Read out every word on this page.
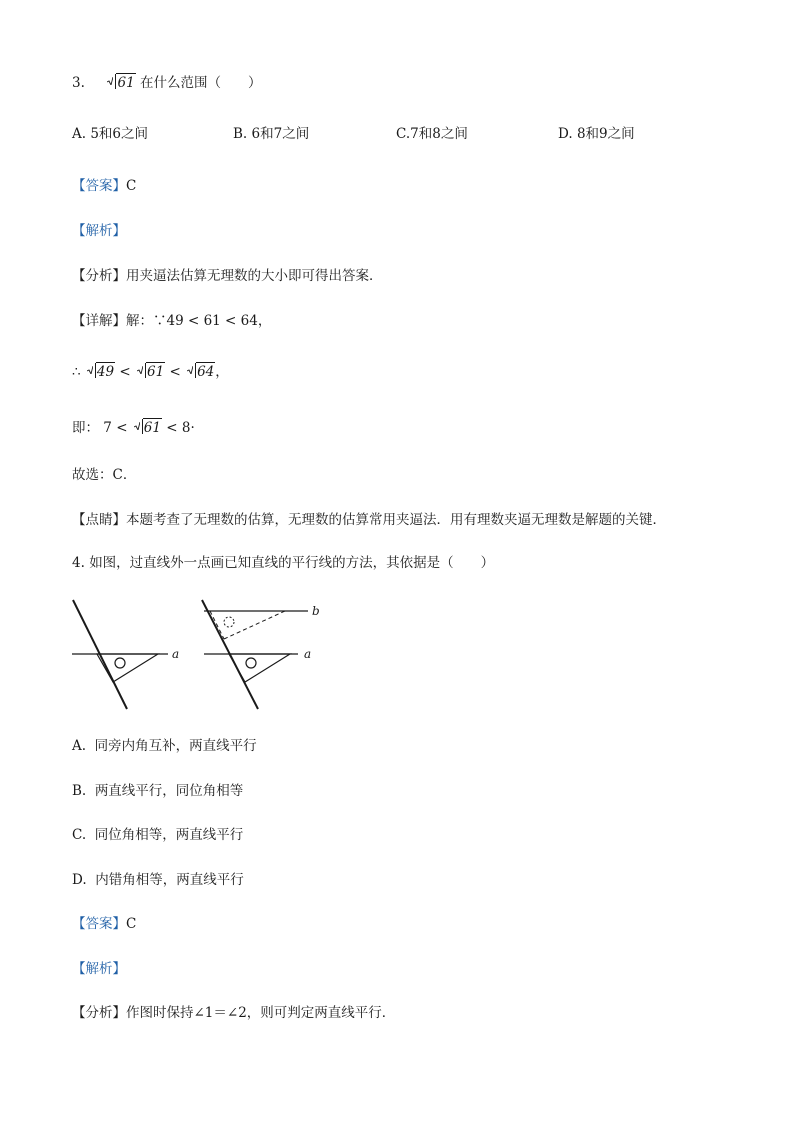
3. 61 在什么范围（　　）
A. 5和6之间	B. 6和7之间	C.7和8之间	D. 8和9之间
【答案】C
【解析】
【分析】用夹逼法估算无理数的大小即可得出答案．
【详解】解：∵49 < 61 < 64，
∴ 49 < 61 < 64，
即： 7 < 61 < 8·
故选：C．
【点睛】本题考查了无理数的估算，无理数的估算常用夹逼法．用有理数夹逼无理数是解题的关键．
4. 如图，过直线外一点画已知直线的平行线的方法，其依据是（　　）
a
b
a
A. 同旁内角互补，两直线平行
B. 两直线平行，同位角相等
C. 同位角相等，两直线平行
D. 内错角相等，两直线平行
【答案】C
【解析】
【分析】作图时保持∠1＝∠2，则可判定两直线平行．
